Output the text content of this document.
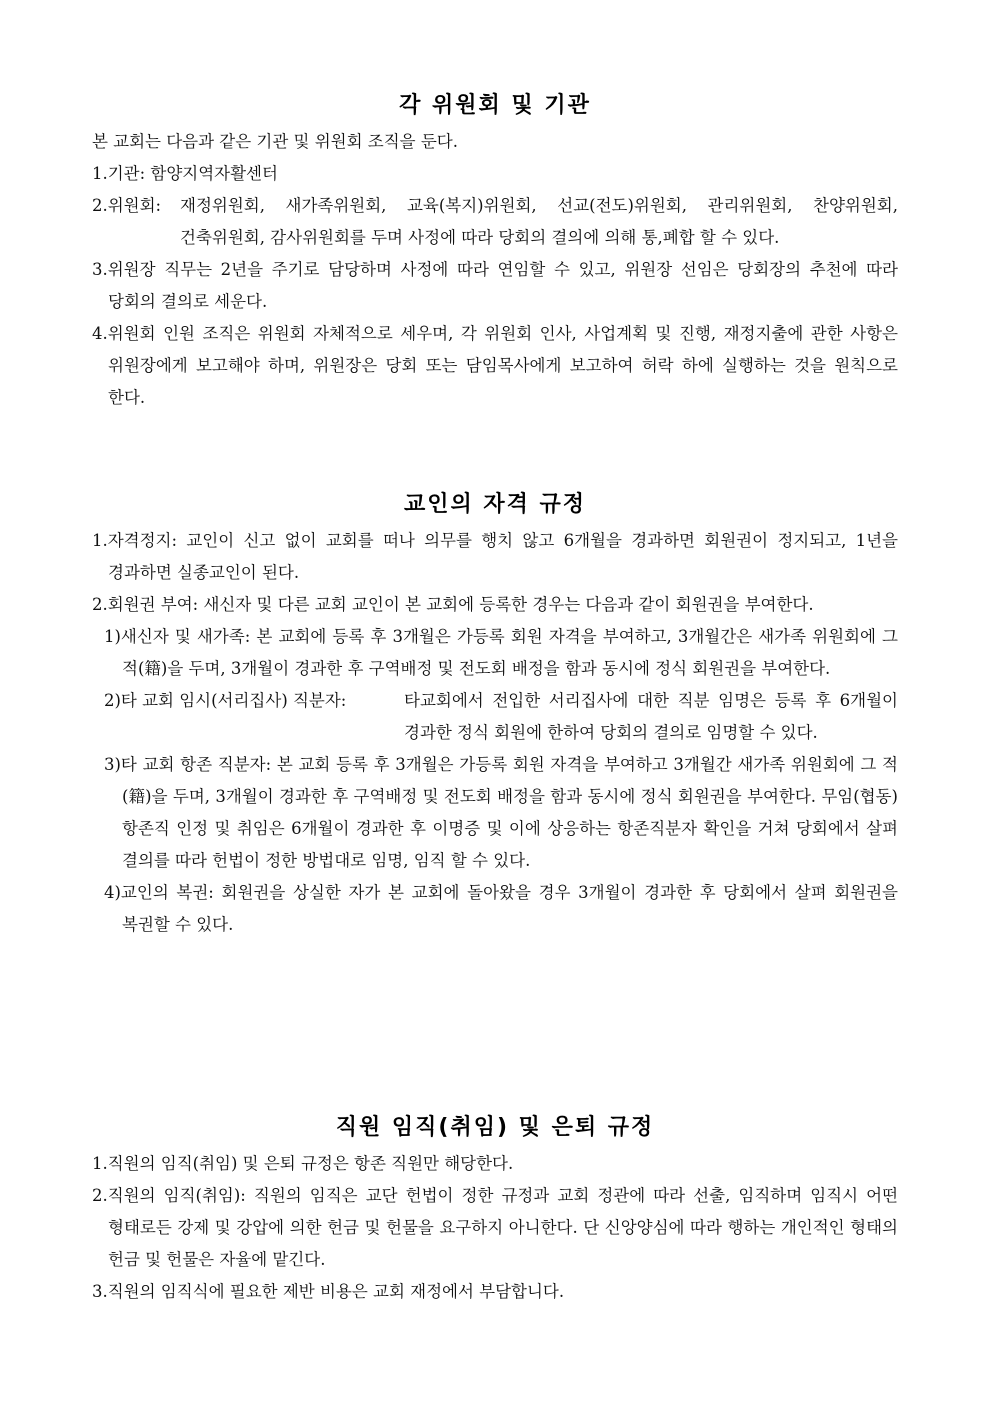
각 위원회 및 기관

본 교회는 다음과 같은 기관 및 위원회 조직을 둔다.

1.기관: 함양지역자활센터

2.위원회:	재정위원회, 새가족위원회, 교육(복지)위원회, 선교(전도)위원회, 관리위원회, 찬양위원회, 건축위원회, 감사위원회를 두며 사정에 따라 당회의 결의에 의해 통,폐합 할 수 있다.

3.위원장 직무는 2년을 주기로 담당하며 사정에 따라 연임할 수 있고, 위원장 선임은 당회장의 추천에 따라 당회의 결의로 세운다.

4.위원회 인원 조직은 위원회 자체적으로 세우며, 각 위원회 인사, 사업계획 및 진행, 재정지출에 관한 사항은 위원장에게 보고해야 하며, 위원장은 당회 또는 담임목사에게 보고하여 허락 하에 실행하는 것을 원칙으로 한다.

교인의 자격 규정

1.자격정지: 교인이 신고 없이 교회를 떠나 의무를 행치 않고 6개월을 경과하면 회원권이 정지되고, 1년을 경과하면 실종교인이 된다.

2.회원권 부여: 새신자 및 다른 교회 교인이 본 교회에 등록한 경우는 다음과 같이 회원권을 부여한다.

1)새신자 및 새가족: 본 교회에 등록 후 3개월은 가등록 회원 자격을 부여하고, 3개월간은 새가족 위원회에 그 적(籍)을 두며, 3개월이 경과한 후 구역배정 및 전도회 배정을 함과 동시에 정식 회원권을 부여한다.

2)타 교회 임시(서리집사) 직분자:	타교회에서 전입한 서리집사에 대한 직분 임명은 등록 후 6개월이 경과한 정식 회원에 한하여 당회의 결의로 임명할 수 있다.

3)타 교회 항존 직분자: 본 교회 등록 후 3개월은 가등록 회원 자격을 부여하고 3개월간 새가족 위원회에 그 적(籍)을 두며, 3개월이 경과한 후 구역배정 및 전도회 배정을 함과 동시에 정식 회원권을 부여한다. 무임(협동) 항존직 인정 및 취임은 6개월이 경과한 후 이명증 및 이에 상응하는 항존직분자 확인을 거쳐 당회에서 살펴 결의를 따라 헌법이 정한 방법대로 임명, 임직 할 수 있다.

4)교인의 복권: 회원권을 상실한 자가 본 교회에 돌아왔을 경우 3개월이 경과한 후 당회에서 살펴 회원권을 복권할 수 있다.

직원 임직(취임) 및 은퇴 규정

1.직원의 임직(취임) 및 은퇴 규정은 항존 직원만 해당한다.

2.직원의 임직(취임): 직원의 임직은 교단 헌법이 정한 규정과 교회 정관에 따라 선출, 임직하며 임직시 어떤 형태로든 강제 및 강압에 의한 헌금 및 헌물을 요구하지 아니한다. 단 신앙양심에 따라 행하는 개인적인 형태의 헌금 및 헌물은 자율에 맡긴다.

3.직원의 임직식에 필요한 제반 비용은 교회 재정에서 부담합니다.
